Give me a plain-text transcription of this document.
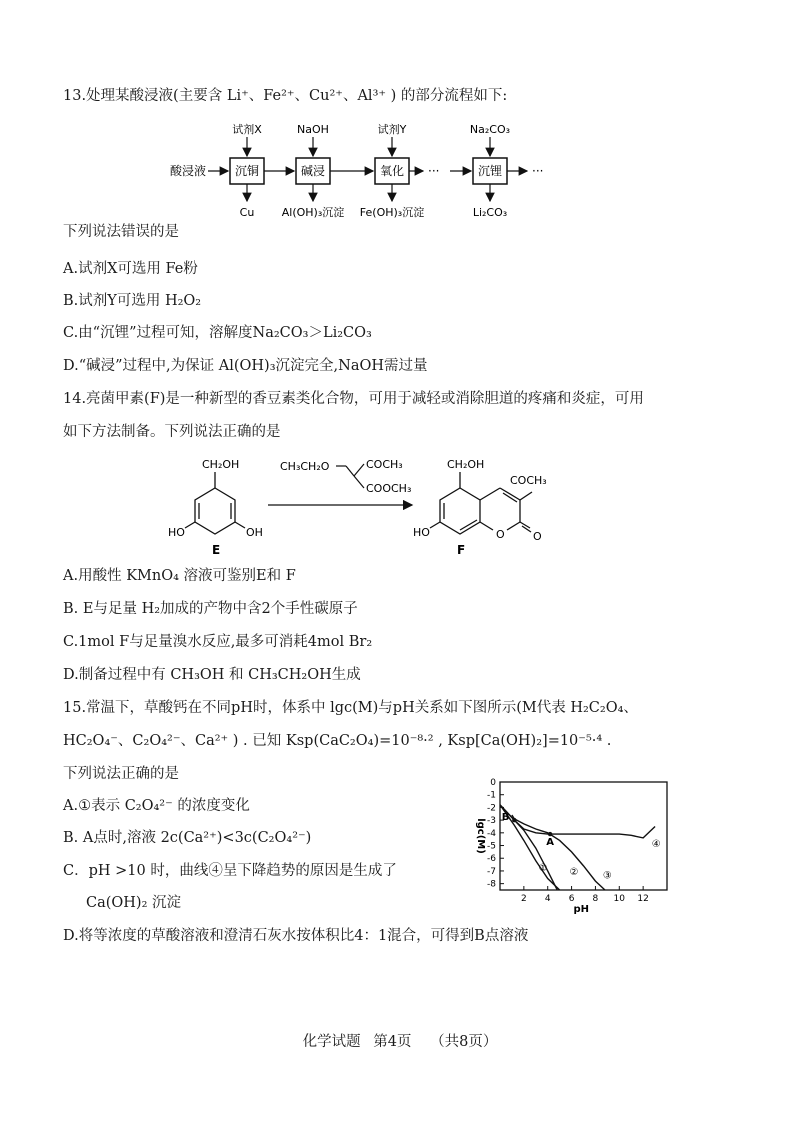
13.处理某酸浸液(主要含 Li⁺、Fe²⁺、Cu²⁺、Al³⁺ ) 的部分流程如下:
酸浸液 沉铜	碱浸	氧化	沉锂
···	···
试剂X	NaOH	试剂Y	Na₂CO₃
Cu Al(OH)₃沉淀 Fe(OH)₃沉淀	Li₂CO₃
下列说法错误的是
A.试剂X可选用 Fe粉
B.试剂Y可选用 H₂O₂
C.由“沉锂”过程可知，溶解度Na₂CO₃＞Li₂CO₃
D.“碱浸”过程中,为保证 Al(OH)₃沉淀完全,NaOH需过量
14.亮菌甲素(F)是一种新型的香豆素类化合物，可用于减轻或消除胆道的疼痛和炎症，可用
如下方法制备。下列说法正确的是
CH₂OH
HO	OH
E
CH₃CH₂O	COCH₃
COOCH₃
CH₂OH
COCH₃
HO	O	O
F
A.用酸性 KMnO₄ 溶液可鉴别E和 F
B. E与足量 H₂加成的产物中含2个手性碳原子
C.1mol F与足量溴水反应,最多可消耗4mol Br₂
D.制备过程中有 CH₃OH 和 CH₃CH₂OH生成
15.常温下，草酸钙在不同pH时，体系中 lgc(M)与pH关系如下图所示(M代表 H₂C₂O₄、
HC₂O₄⁻、C₂O₄²⁻、Ca²⁺ ) . 已知 Ksp(CaC₂O₄)=10⁻⁸·² , Ksp[Ca(OH)₂]=10⁻⁵·⁴ .
下列说法正确的是
A.①表示 C₂O₄²⁻ 的浓度变化
B. A点时,溶液 2c(Ca²⁺)<3c(C₂O₄²⁻)
C．pH >10 时，曲线④呈下降趋势的原因是生成了
Ca(OH)₂ 沉淀
D.将等浓度的草酸溶液和澄清石灰水按体积比4：1混合，可得到B点溶液
0
-1
-2
-3
-4
-5
-6
-7
-8
2 4 6 8 10 12
pH
lgc(M)
① ② ③
④
A
B
化学试题 第4页 （共8页）
